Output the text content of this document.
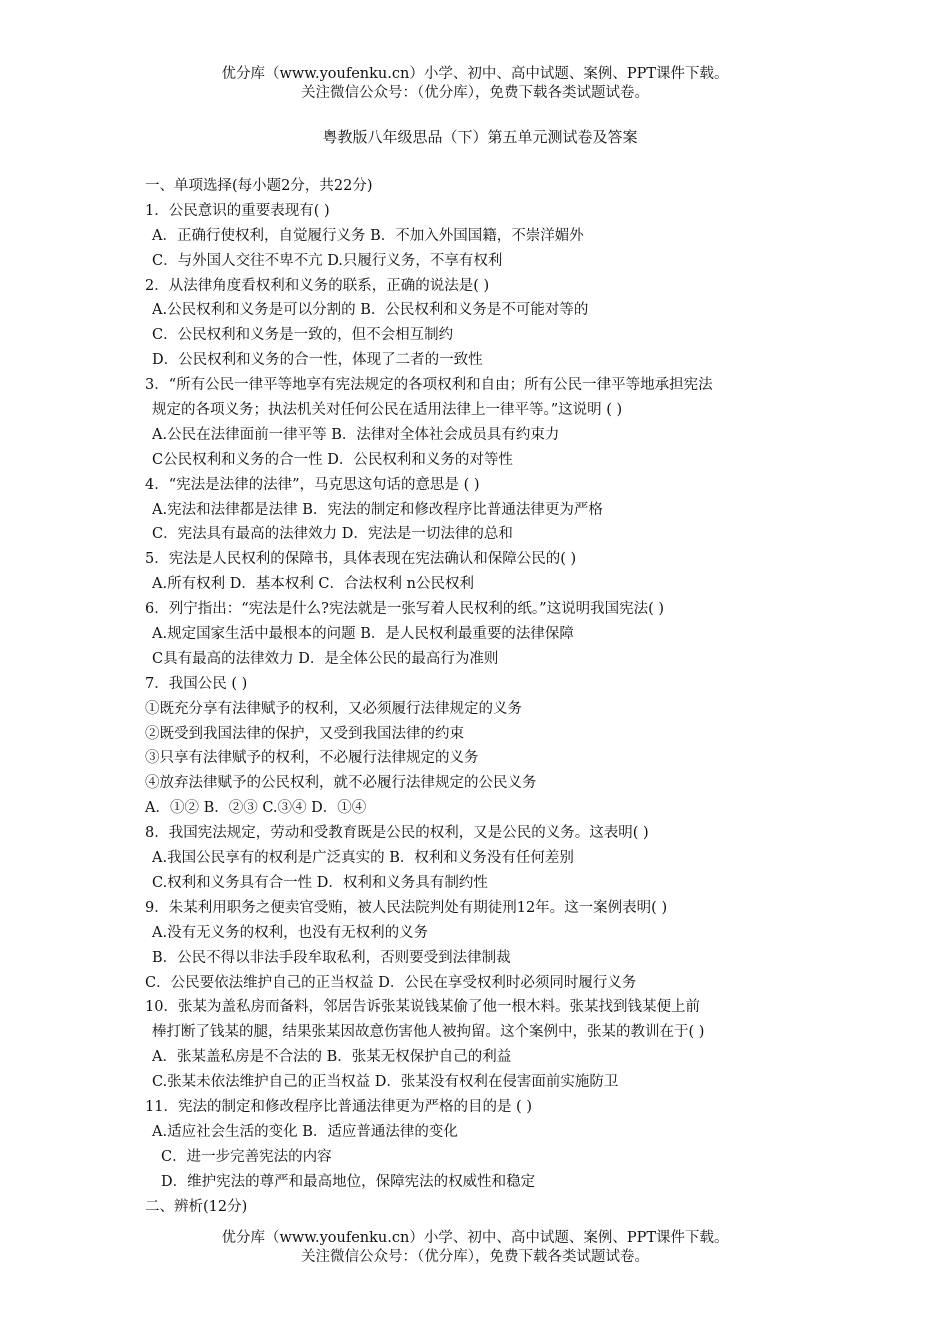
优分库（www.youfenku.cn）小学、初中、高中试题、案例、PPT课件下载。
关注微信公众号：（优分库），免费下载各类试题试卷。
粤教版八年级思品（下）第五单元测试卷及答案
一、单项选择(每小题2分，共22分)
1．公民意识的重要表现有( )
A．正确行使权利，自觉履行义务 B．不加入外国国籍，不崇洋媚外
C．与外国人交往不卑不亢 D.只履行义务，不享有权利
2．从法律角度看权利和义务的联系，正确的说法是( )
A.公民权利和义务是可以分割的 B．公民权利和义务是不可能对等的
C．公民权利和义务是一致的，但不会相互制约
D．公民权利和义务的合一性，体现了二者的一致性
3．“所有公民一律平等地享有宪法规定的各项权利和自由；所有公民一律平等地承担宪法
规定的各项义务；执法机关对任何公民在适用法律上一律平等。”这说明 ( )
A.公民在法律面前一律平等 B．法律对全体社会成员具有约束力
C公民权利和义务的合一性 D．公民权利和义务的对等性
4．“宪法是法律的法律”，马克思这句话的意思是 ( )
A.宪法和法律都是法律 B．宪法的制定和修改程序比普通法律更为严格
C．宪法具有最高的法律效力 D．宪法是一切法律的总和
5．宪法是人民权利的保障书，具体表现在宪法确认和保障公民的( )
A.所有权利 D．基本权利 C．合法权利 n公民权利
6．列宁指出：“宪法是什么?宪法就是一张写着人民权利的纸。”这说明我国宪法( )
A.规定国家生活中最根本的问题 B．是人民权利最重要的法律保障
C具有最高的法律效力 D．是全体公民的最高行为准则
7．我国公民 ( )
①既充分享有法律赋予的权利，又必须履行法律规定的义务
②既受到我国法律的保护，又受到我国法律的约束
③只享有法律赋予的权利，不必履行法律规定的义务
④放弃法律赋予的公民权利，就不必履行法律规定的公民义务
A．①② B．②③ C.③④ D．①④
8．我国宪法规定，劳动和受教育既是公民的权利，又是公民的义务。这表明( )
A.我国公民享有的权利是广泛真实的 B．权利和义务没有任何差别
C.权利和义务具有合一性 D．权利和义务具有制约性
9．朱某利用职务之便卖官受贿，被人民法院判处有期徒刑12年。这一案例表明( )
A.没有无义务的权利，也没有无权利的义务
B．公民不得以非法手段牟取私利，否则要受到法律制裁
C．公民要依法维护自己的正当权益 D．公民在享受权利时必须同时履行义务
10．张某为盖私房而备料，邻居告诉张某说钱某偷了他一根木料。张某找到钱某便上前
棒打断了钱某的腿，结果张某因故意伤害他人被拘留。这个案例中，张某的教训在于( )
A．张某盖私房是不合法的 B．张某无权保护自己的利益
C.张某未依法维护自己的正当权益 D．张某没有权利在侵害面前实施防卫
11．宪法的制定和修改程序比普通法律更为严格的目的是 ( )
A.适应社会生活的变化 B．适应普通法律的变化
C．进一步完善宪法的内容
D．维护宪法的尊严和最高地位，保障宪法的权威性和稳定
二、辨析(12分)
优分库（www.youfenku.cn）小学、初中、高中试题、案例、PPT课件下载。
关注微信公众号：（优分库），免费下载各类试题试卷。
